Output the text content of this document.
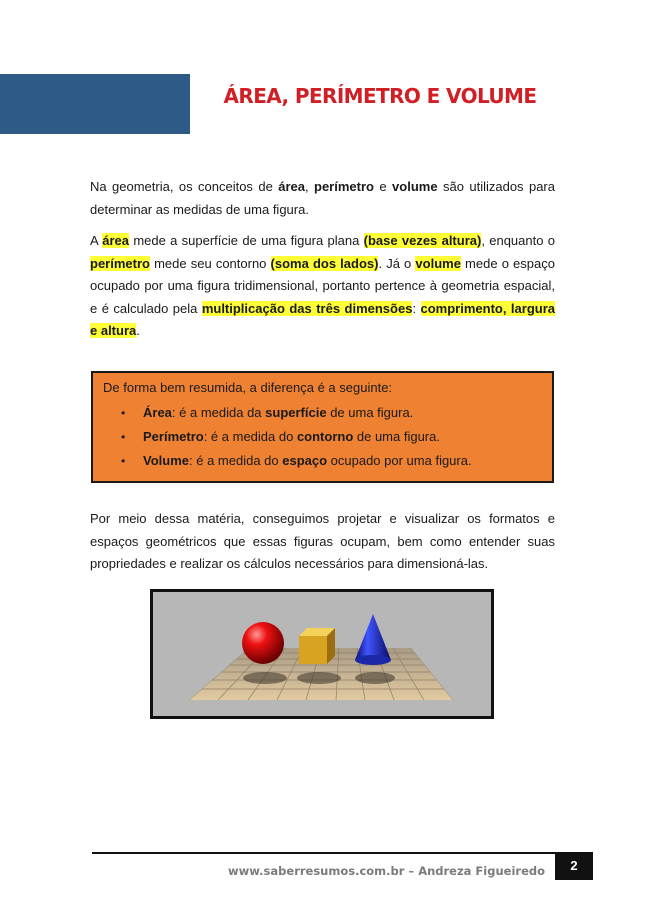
ÁREA, PERÍMETRO E VOLUME

Na geometria, os conceitos de área, perímetro e volume são utilizados para determinar as medidas de uma figura.

A área mede a superfície de uma figura plana (base vezes altura), enquanto o perímetro mede seu contorno (soma dos lados). Já o volume mede o espaço ocupado por uma figura tridimensional, portanto pertence à geometria espacial, e é calculado pela multiplicação das três dimensões: comprimento, largura e altura.

De forma bem resumida, a diferença é a seguinte:
• Área: é a medida da superfície de uma figura.
• Perímetro: é a medida do contorno de uma figura.
• Volume: é a medida do espaço ocupado por uma figura.

Por meio dessa matéria, conseguimos projetar e visualizar os formatos e espaços geométricos que essas figuras ocupam, bem como entender suas propriedades e realizar os cálculos necessários para dimensioná-las.

www.saberresumos.com.br – Andreza Figueiredo	2
